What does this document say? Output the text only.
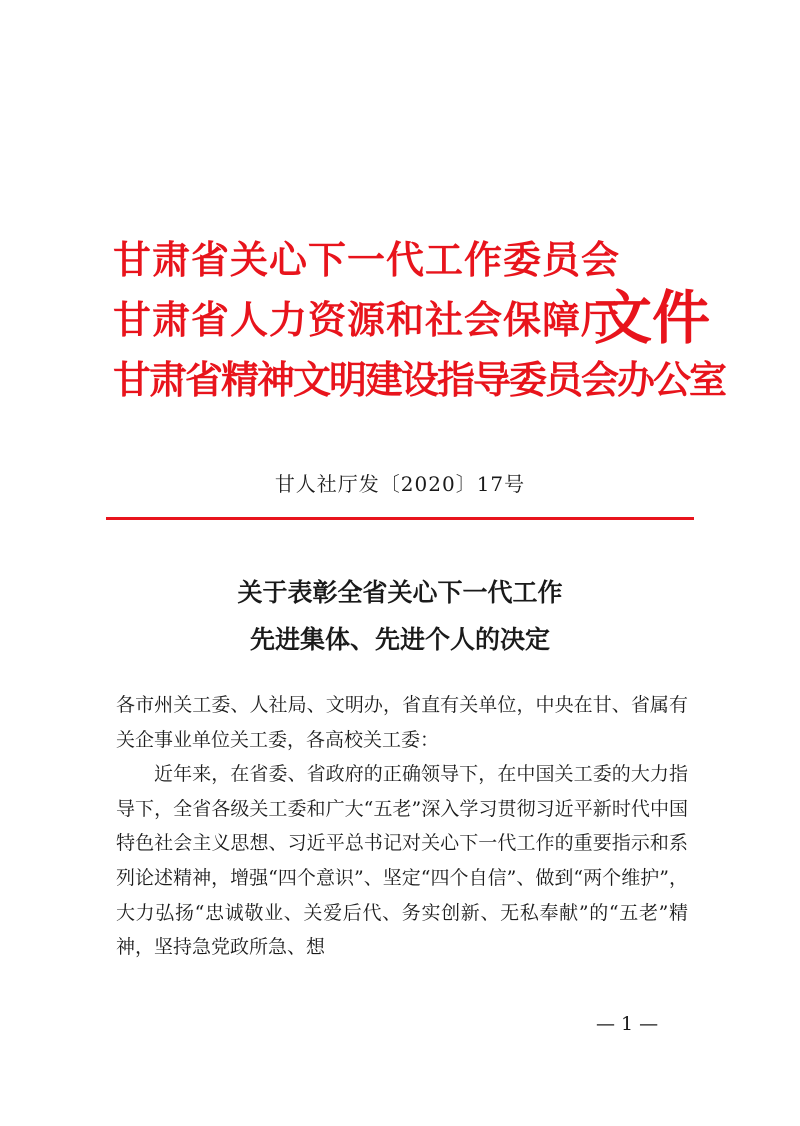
甘肃省关心下一代工作委员会
甘肃省人力资源和社会保障厅
甘肃省精神文明建设指导委员会办公室
文件
甘人社厅发〔2020〕17号
关于表彰全省关心下一代工作
先进集体、先进个人的决定

各市州关工委、人社局、文明办，省直有关单位，中央在甘、省属有关企事业单位关工委，各高校关工委：

近年来，在省委、省政府的正确领导下，在中国关工委的大力指导下，全省各级关工委和广大“五老”深入学习贯彻习近平新时代中国特色社会主义思想、习近平总书记对关心下一代工作的重要指示和系列论述精神，增强“四个意识”、坚定“四个自信”、做到“两个维护”，大力弘扬“忠诚敬业、关爱后代、务实创新、无私奉献”的“五老”精神，坚持急党政所急、想

— 1 —
